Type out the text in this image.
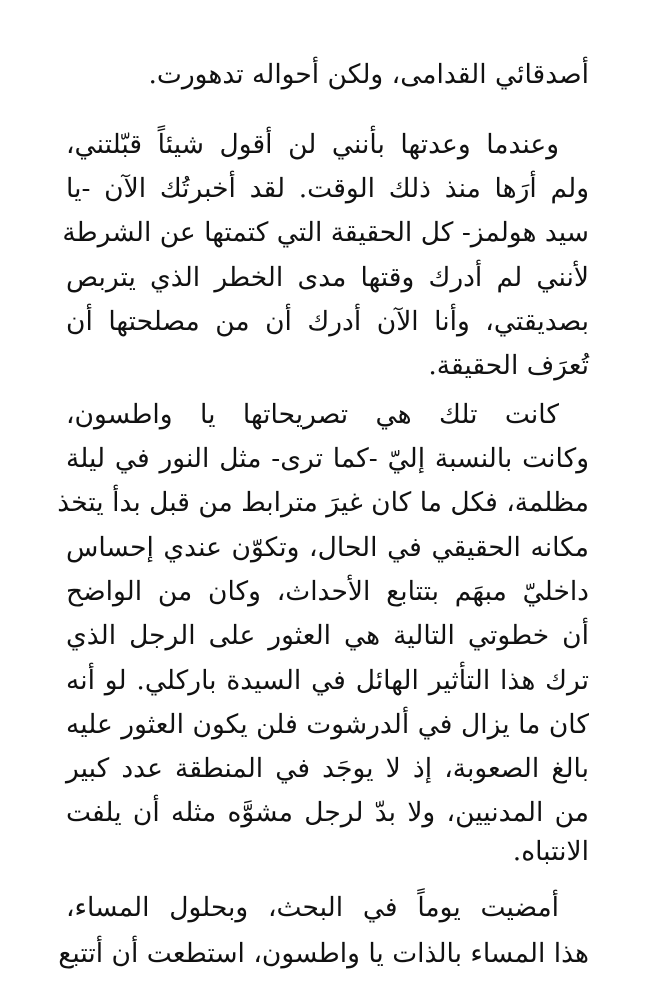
أصدقائي القدامى، ولكن أحواله تدهورت.
وعندما وعدتها بأنني لن أقول شيئاً قبّلتني،
ولم أرَها منذ ذلك الوقت. لقد أخبرتُك الآن -يا
سيد هولمز- كل الحقيقة التي كتمتها عن الشرطة
لأنني لم أدرك وقتها مدى الخطر الذي يتربص
بصديقتي، وأنا الآن أدرك أن من مصلحتها أن
تُعرَف الحقيقة.
كانت تلك هي تصريحاتها يا واطسون،
وكانت بالنسبة إليّ -كما ترى- مثل النور في ليلة
مظلمة، فكل ما كان غيرَ مترابط من قبل بدأ يتخذ
مكانه الحقيقي في الحال، وتكوّن عندي إحساس
داخليّ مبهَم بتتابع الأحداث، وكان من الواضح
أن خطوتي التالية هي العثور على الرجل الذي
ترك هذا التأثير الهائل في السيدة باركلي. لو أنه
كان ما يزال في ألدرشوت فلن يكون العثور عليه
بالغ الصعوبة، إذ لا يوجَد في المنطقة عدد كبير
من المدنيين، ولا بدّ لرجل مشوَّه مثله أن يلفت
الانتباه.
أمضيت يوماً في البحث، وبحلول المساء،
هذا المساء بالذات يا واطسون، استطعت أن أتتبع
